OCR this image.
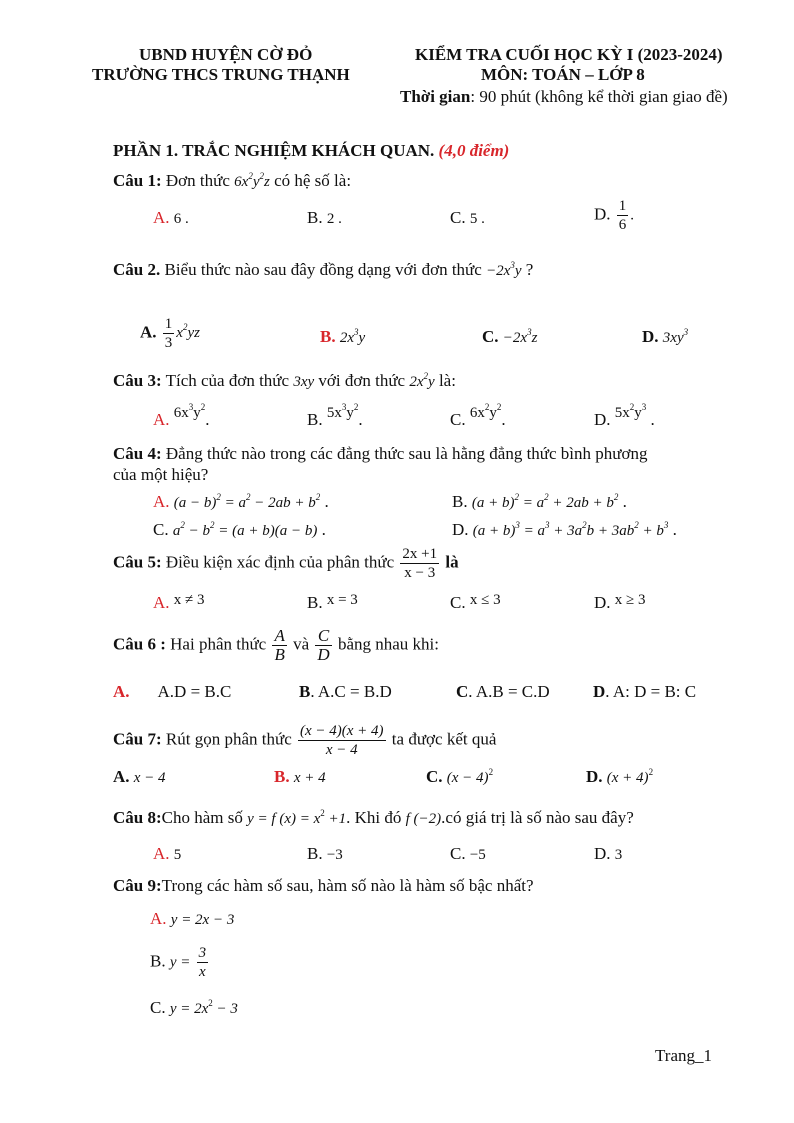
UBND HUYỆN CỜ ĐỎ
TRƯỜNG THCS TRUNG THẠNH
KIỂM TRA CUỐI HỌC KỲ I (2023-2024)
MÔN: TOÁN – LỚP 8
Thời gian: 90 phút (không kể thời gian giao đề)
PHẦN 1. TRẮC NGHIỆM KHÁCH QUAN. (4,0 điểm)
Câu 1: Đơn thức $6x^2y^2z$ có hệ số là:
A. 6 .	B. 2 .	C. 5 .	D. $\frac{1}{6}$ .
Câu 2. Biểu thức nào sau đây đồng dạng với đơn thức $-2x^3y$ ?
A. $\frac{1}{3} x^2yz$	B. $2x^3y$	C. $-2x^3z$	D. $3xy^3$
Câu 3: Tích của đơn thức 3xy với đơn thức $2x^2y$ là:
A. $6x^3y^2$.	B. $5x^3y^2$.	C. $6x^2y^2$.	D. $5x^2y^3$ .
Câu 4: Đẳng thức nào trong các đẳng thức sau là hằng đẳng thức bình phương
của một hiệu?
A. $(a - b)^2 = a^2 - 2ab + b^2$ .	B. $(a + b)^2 = a^2 + 2ab + b^2$ .
C. $a^2 - b^2 = (a + b)(a - b)$ .	D. $(a + b)^3 = a^3 + 3a^2b + 3ab^2 + b^3$ .
Câu 5: Điều kiện xác định của phân thức $\frac{2x +1}{x - 3}$ là
A. x ≠ 3	B. x = 3	C. x ≤ 3	D. x ≥ 3
Câu 6 : Hai phân thức $\frac{A}{B}$ và $\frac{C}{D}$ bằng nhau khi:
A. A.D = B.C	B. A.C = B.D	C. A.B = C.D	D. A: D = B: C
Câu 7: Rút gọn phân thức $\frac{(x - 4)(x + 4)}{x - 4}$ ta được kết quả
A. x − 4	B. x + 4	C. $(x - 4)^2$	D. $(x + 4)^2$
Câu 8:Cho hàm số y = f $(x) = x^2 +1$. Khi đó f (−2).có giá trị là số nào sau đây?
A. 5	B. −3	C. −5	D. 3
Câu 9:Trong các hàm số sau, hàm số nào là hàm số bậc nhất?
A. y = 2x − 3
B. $y = \frac{3}{x}$
C. $y = 2x^2 - 3$
Trang_1
